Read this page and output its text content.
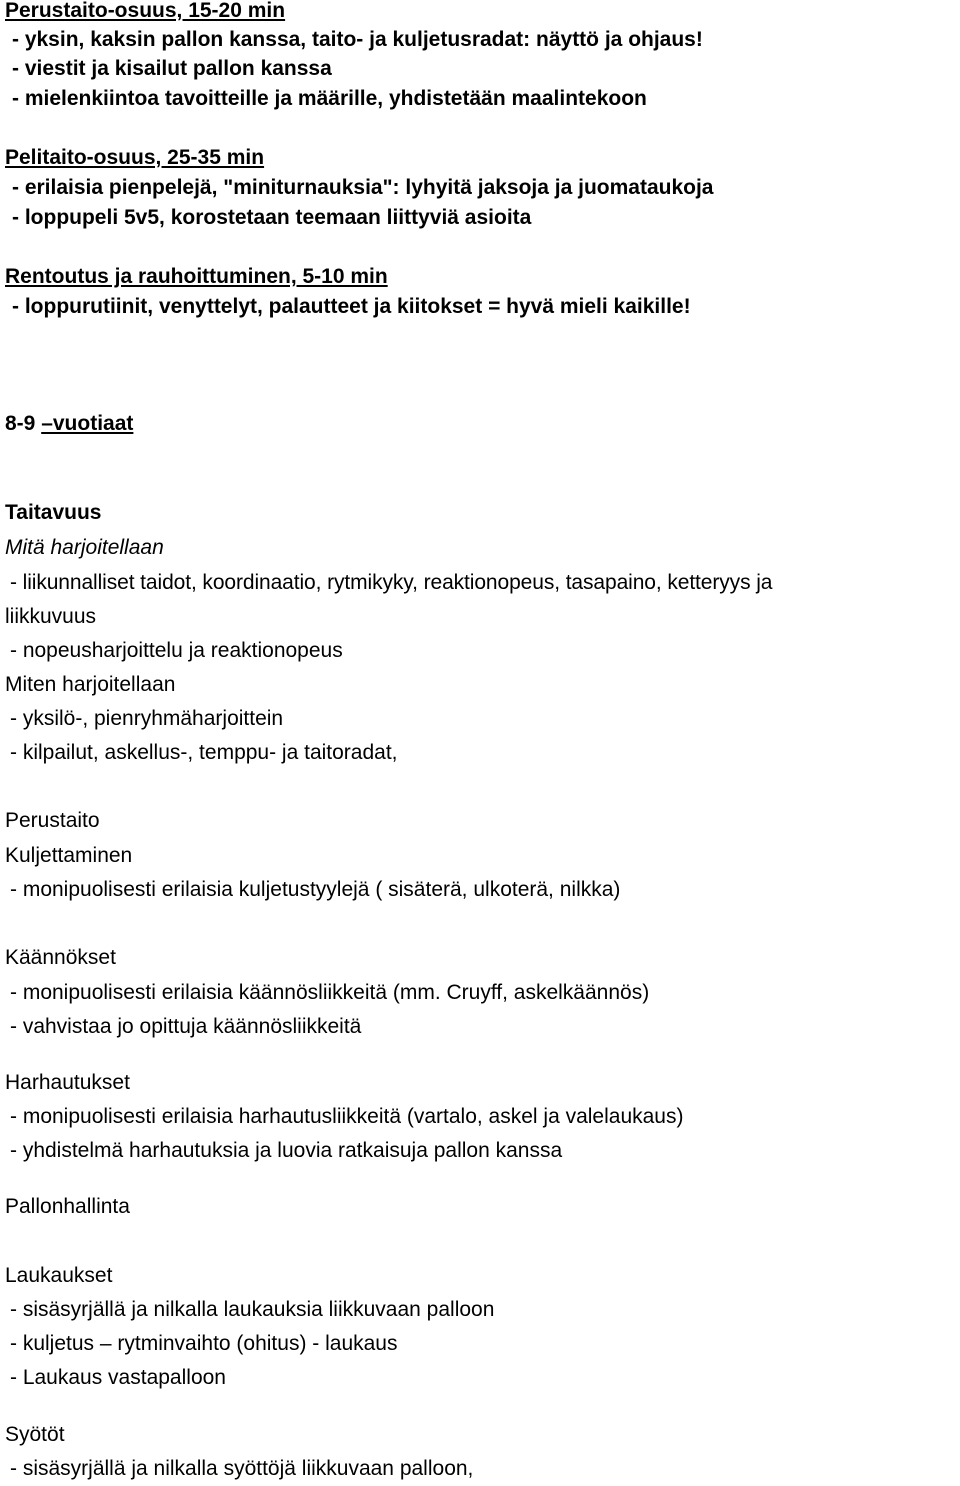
Perustaito-osuus, 15-20 min
- yksin, kaksin pallon kanssa, taito- ja kuljetusradat: näyttö ja ohjaus!
- viestit ja kisailut pallon kanssa
- mielenkiintoa tavoitteille ja määrille, yhdistetään maalintekoon
Pelitaito-osuus, 25-35 min
- erilaisia pienpelejä, "miniturnauksia": lyhyitä jaksoja ja juomataukoja
- loppupeli 5v5, korostetaan teemaan liittyviä asioita
Rentoutus ja rauhoittuminen, 5-10 min
- loppurutiinit, venyttelyt, palautteet ja kiitokset = hyvä mieli kaikille!
8-9 –vuotiaat
Taitavuus
Mitä harjoitellaan
- liikunnalliset taidot, koordinaatio, rytmikyky, reaktionopeus, tasapaino, ketteryys ja
liikkuvuus
- nopeusharjoittelu ja reaktionopeus
Miten harjoitellaan
- yksilö-, pienryhmäharjoittein
- kilpailut, askellus-, temppu- ja taitoradat,
Perustaito
Kuljettaminen
- monipuolisesti erilaisia kuljetustyylejä ( sisäterä, ulkoterä, nilkka)
Käännökset
- monipuolisesti erilaisia käännösliikkeitä (mm. Cruyff, askelkäännös)
- vahvistaa jo opittuja käännösliikkeitä
Harhautukset
- monipuolisesti erilaisia harhautusliikkeitä (vartalo, askel ja valelaukaus)
- yhdistelmä harhautuksia ja luovia ratkaisuja pallon kanssa
Pallonhallinta
Laukaukset
- sisäsyrjällä ja nilkalla laukauksia liikkuvaan palloon
- kuljetus – rytminvaihto (ohitus) - laukaus
- Laukaus vastapalloon
Syötöt
- sisäsyrjällä ja nilkalla syöttöjä liikkuvaan palloon,
